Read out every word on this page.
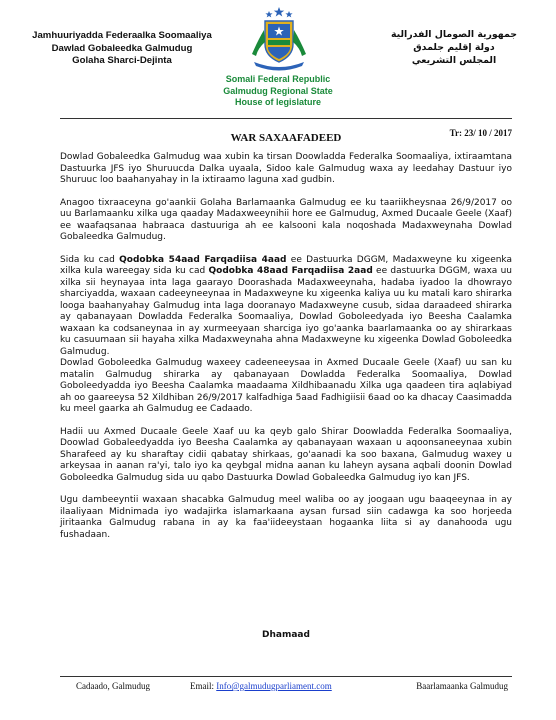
Jamhuuriyadda Federaalka Soomaaliya
Dawlad Gobaleedka Galmudug
Golaha Sharci-Dejinta
Somali Federal Republic
Galmudug Regional State
House of legislature
جمهورية الصومال الفدرالية
دولة إقليم جلمدق
المجلس التشريعي
Tr: 23/ 10 / 2017
WAR SAXAAFADEED

Dowlad Gobaleedka Galmudug waa xubin ka tirsan Doowladda Federalka Soomaaliya, ixtiraamtana Dastuurka JFS iyo Shuruucda Dalka uyaala, Sidoo kale Galmudug waxa ay leedahay Dastuur iyo Shuruuc loo baahanyahay in la ixtiraamo laguna xad gudbin.

Anagoo tixraaceyna go'aankii Golaha Barlamaanka Galmudug ee ku taariikheysnaa 26/9/2017 oo uu Barlamaanku xilka uga qaaday Madaxweeynihii hore ee Galmudug, Axmed Ducaale Geele (Xaaf) ee waafaqsanaa habraaca dastuuriga ah ee kalsooni kala noqoshada Madaxweynaha Dowlad Gobaleedka Galmudug.

Sida ku cad Qodobka 54aad Farqadiisa 4aad ee Dastuurka DGGM, Madaxweyne ku xigeenka xilka kula wareegay sida ku cad Qodobka 48aad Farqadiisa 2aad ee dastuurka DGGM, waxa uu xilka sii heynayaa inta laga gaarayo Doorashada Madaxweeynaha, hadaba iyadoo la dhowrayo sharciyadda, waxaan cadeeyneeynaa in Madaxweyne ku xigeenka kaliya uu ku matali karo shirarka looga baahanyahay Galmudug inta laga dooranayo Madaxweyne cusub, sidaa daraadeed shirarka ay qabanayaan Dowladda Federalka Soomaaliya, Dowlad Goboleedyada iyo Beesha Caalamka waxaan ka codsaneynaa in ay xurmeeyaan sharciga iyo go'aanka baarlamaanka oo ay shirarkaas ku casuumaan sii hayaha xilka Madaxweynaha ahna Madaxweyne ku xigeenka Dowlad Goboleedka Galmudug.

Dowlad Goboleedka Galmudug waxeey cadeeneeysaa in Axmed Ducaale Geele (Xaaf) uu san ku matalin Galmudug shirarka ay qabanayaan Dowladda Federalka Soomaaliya, Dowlad Goboleedyadda iyo Beesha Caalamka maadaama Xildhibaanadu Xilka uga qaadeen tira aqlabiyad ah oo gaareeysa 52 Xildhiban 26/9/2017 kalfadhiga 5aad Fadhigiisii 6aad oo ka dhacay Caasimadda ku meel gaarka ah Galmudug ee Cadaado.

Hadii uu Axmed Ducaale Geele Xaaf uu ka qeyb galo Shirar Doowladda Federalka Soomaaliya, Doowlad Gobaleedyadda iyo Beesha Caalamka ay qabanayaan waxaan u aqoonsaneeynaa xubin Sharafeed ay ku sharaftay cidii qabatay shirkaas, go'aanadi ka soo baxana, Galmudug waxey u arkeysaa in aanan ra'yi, talo iyo ka qeybgal midna aanan ku laheyn aysana aqbali doonin Dowlad Goboleedka Galmudug sida uu qabo Dastuurka Dowlad Gobaleedka Galmudug iyo kan JFS.

Ugu dambeeyntii waxaan shacabka Galmudug meel waliba oo ay joogaan ugu baaqeeynaa in ay ilaaliyaan Midnimada iyo wadajirka islamarkaana aysan fursad siin cadawga ka soo horjeeda jiritaanka Galmudug rabana in ay ka faa'iideeystaan hogaanka liita si ay danahooda ugu fushadaan.

Dhamaad
Cadaado, Galmudug	Email: Info@galmudugparliament.com	Baarlamaanka Galmudug
